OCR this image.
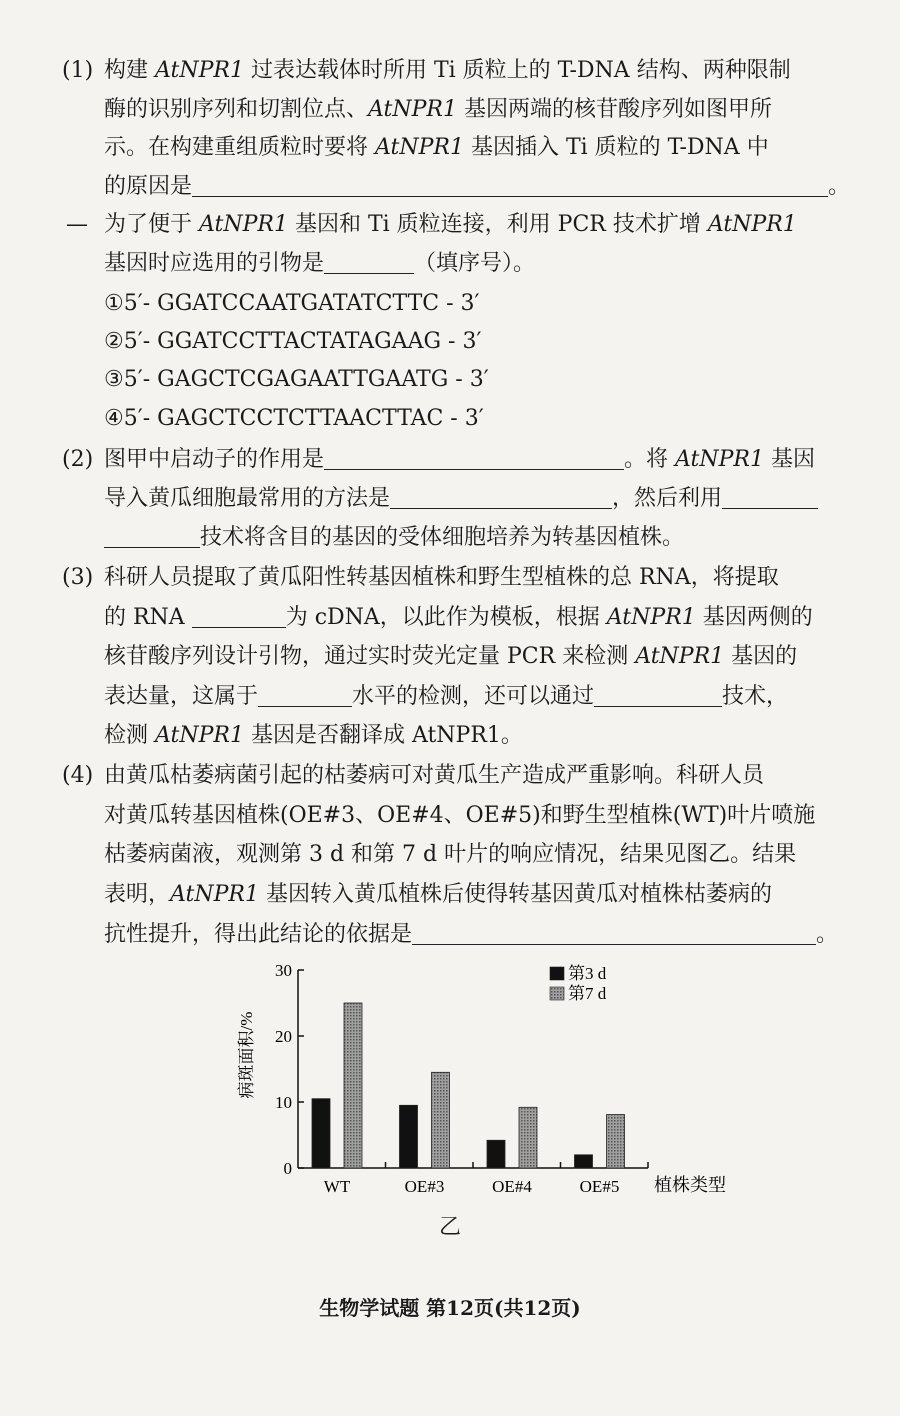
(1) 构建 AtNPR1 过表达载体时所用 Ti 质粒上的 T-DNA 结构、两种限制
酶的识别序列和切割位点、AtNPR1 基因两端的核苷酸序列如图甲所
示。在构建重组质粒时要将 AtNPR1 基因插入 Ti 质粒的 T-DNA 中
的原因是	。
— 为了便于 AtNPR1 基因和 Ti 质粒连接，利用 PCR 技术扩增 AtNPR1
基因时应选用的引物是	（填序号）。
①5′- GGATCCAATGATATCTTC - 3′
②5′- GGATCCTTACTATAGAAG - 3′
③5′- GAGCTCGAGAATTGAATG - 3′
④5′- GAGCTCCTCTTAACTTAC - 3′
(2) 图甲中启动子的作用是	。将 AtNPR1 基因
导入黄瓜细胞最常用的方法是	，然后利用
技术将含目的基因的受体细胞培养为转基因植株。
(3) 科研人员提取了黄瓜阳性转基因植株和野生型植株的总 RNA，将提取
的 RNA	为 cDNA，以此作为模板，根据 AtNPR1 基因两侧的
核苷酸序列设计引物，通过实时荧光定量 PCR 来检测 AtNPR1 基因的
表达量，这属于	水平的检测，还可以通过	技术，
检测 AtNPR1 基因是否翻译成 AtNPR1。
(4) 由黄瓜枯萎病菌引起的枯萎病可对黄瓜生产造成严重影响。科研人员
对黄瓜转基因植株(OE#3、OE#4、OE#5)和野生型植株(WT)叶片喷施
枯萎病菌液，观测第 3 d 和第 7 d 叶片的响应情况，结果见图乙。结果
表明，AtNPR1 基因转入黄瓜植株后使得转基因黄瓜对植株枯萎病的
抗性提升，得出此结论的依据是	。
0
10
20
30
WT	OE#3	OE#4	OE#5
第3 d
第7 d
病斑面积/%
植株类型
乙
生物学试题 第12页(共12页)
